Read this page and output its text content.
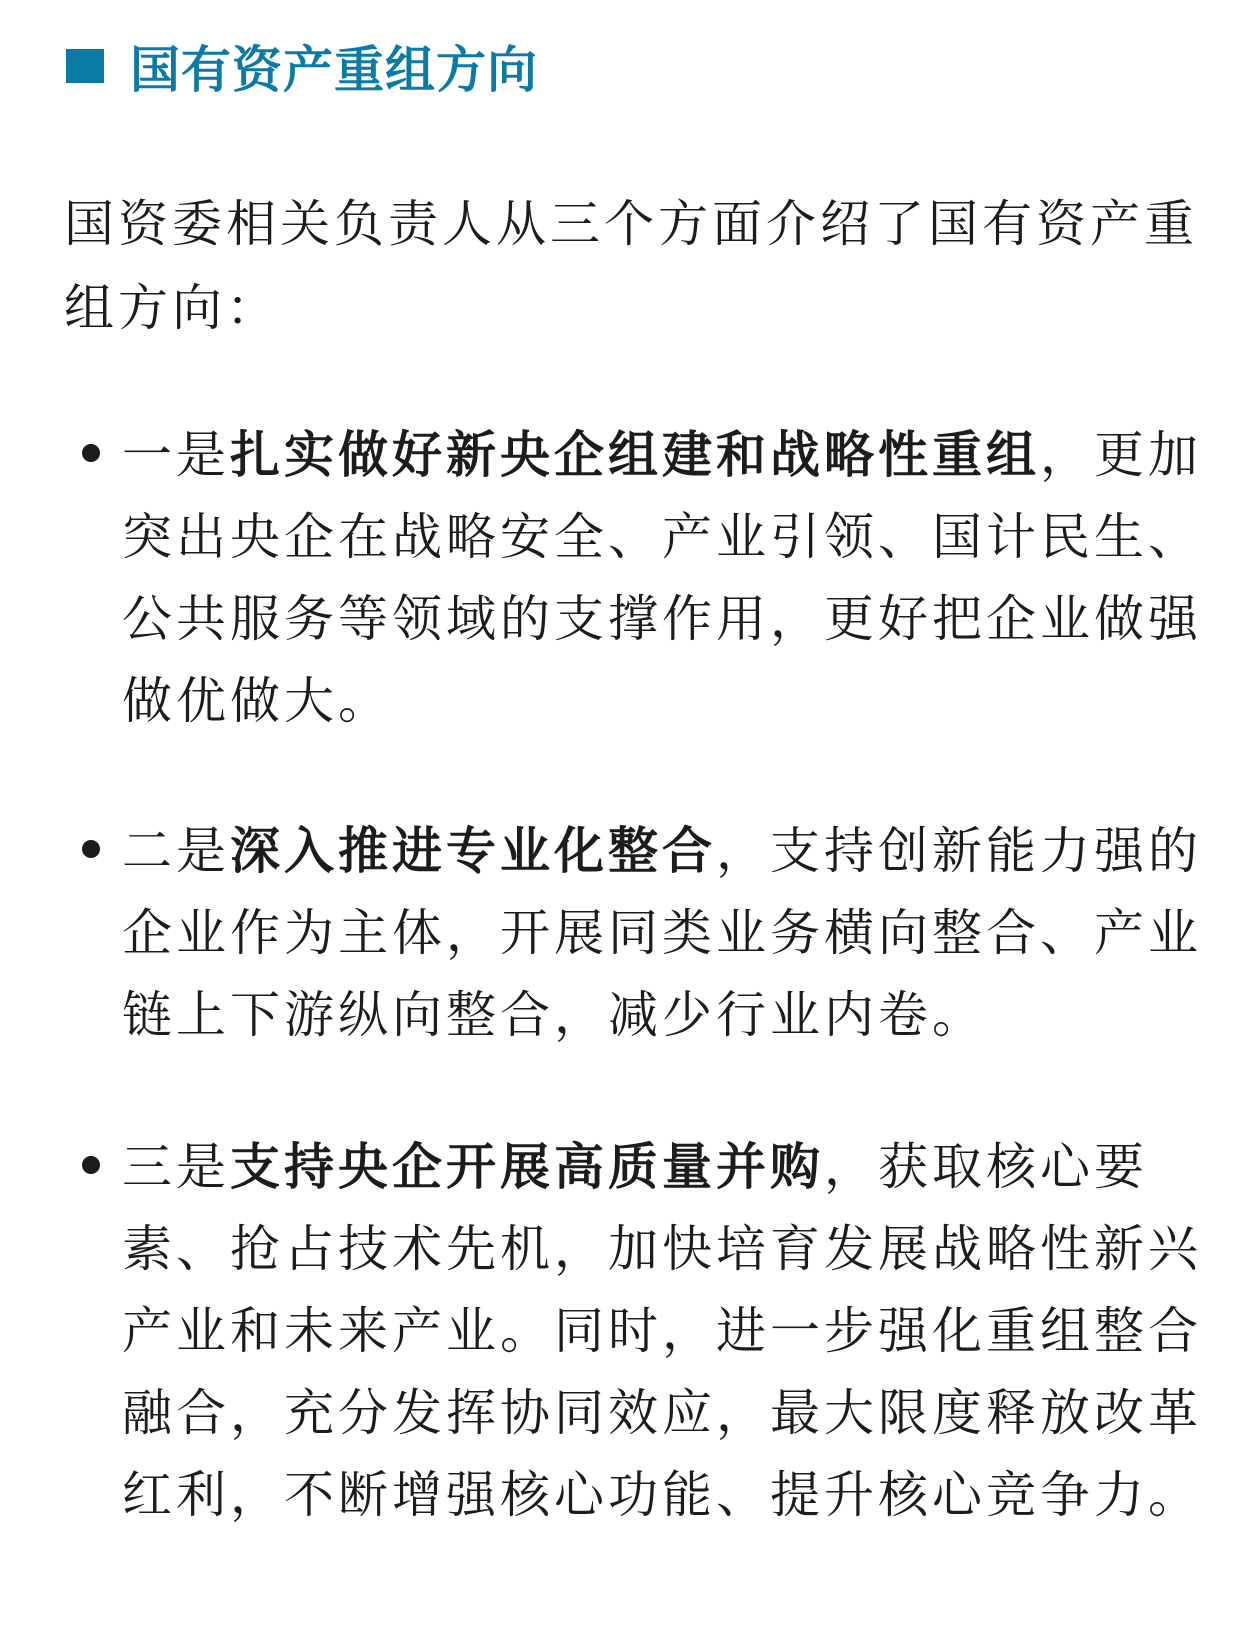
国有资产重组方向

国资委相关负责人从三个方面介绍了国有资产重组方向：

一是扎实做好新央企组建和战略性重组，更加突出央企在战略安全、产业引领、国计民生、公共服务等领域的支撑作用，更好把企业做强做优做大。
二是深入推进专业化整合，支持创新能力强的企业作为主体，开展同类业务横向整合、产业链上下游纵向整合，减少行业内卷。
三是支持央企开展高质量并购，获取核心要素、抢占技术先机，加快培育发展战略性新兴产业和未来产业。同时，进一步强化重组整合融合，充分发挥协同效应，最大限度释放改革红利，不断增强核心功能、提升核心竞争力。
